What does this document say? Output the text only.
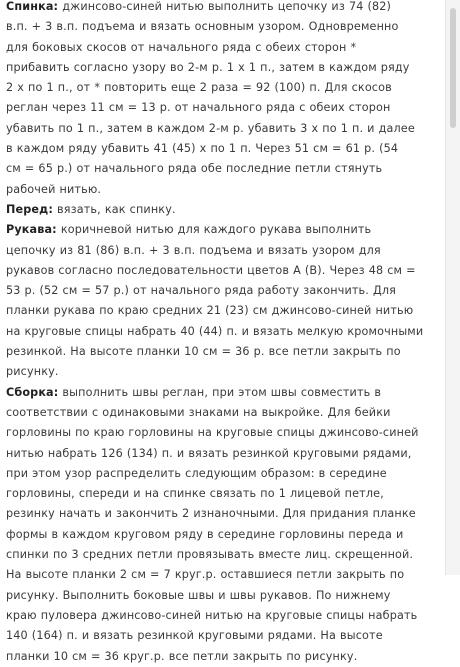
Спинка: джинсово-синей нитью выполнить цепочку из 74 (82)
в.п. + 3 в.п. подъема и вязать основным узором. Одновременно
для боковых скосов от начального ряда с обеих сторон *
прибавить согласно узору во 2-м р. 1 х 1 п., затем в каждом ряду
2 х по 1 п., от * повторить еще 2 раза = 92 (100) п. Для скосов
реглан через 11 см = 13 р. от начального ряда с обеих сторон
убавить по 1 п., затем в каждом 2-м р. убавить 3 х по 1 п. и далее
в каждом ряду убавить 41 (45) х по 1 п. Через 51 см = 61 р. (54
см = 65 р.) от начального ряда обе последние петли стянуть
рабочей нитью.
Перед: вязать, как спинку.
Рукава: коричневой нитью для каждого рукава выполнить
цепочку из 81 (86) в.п. + 3 в.п. подъема и вязать узором для
рукавов согласно последовательности цветов А (В). Через 48 см =
53 р. (52 см = 57 р.) от начального ряда работу закончить. Для
планки рукава по краю средних 21 (23) см джинсово-синей нитью
на круговые спицы набрать 40 (44) п. и вязать мелкую кромочными
резинкой. На высоте планки 10 см = 36 р. все петли закрыть по
рисунку.
Сборка: выполнить швы реглан, при этом швы совместить в
соответствии с одинаковыми знаками на выкройке. Для бейки
горловины по краю горловины на круговые спицы джинсово-синей
нитью набрать 126 (134) п. и вязать резинкой круговыми рядами,
при этом узор распределить следующим образом: в середине
горловины, спереди и на спинке связать по 1 лицевой петле,
резинку начать и закончить 2 изнаночными. Для придания планке
формы в каждом круговом ряду в середине горловины переда и
спинки по 3 средних петли провязывать вместе лиц. скрещенной.
На высоте планки 2 см = 7 круг.р. оставшиеся петли закрыть по
рисунку. Выполнить боковые швы и швы рукавов. По нижнему
краю пуловера джинсово-синей нитью на круговые спицы набрать
140 (164) п. и вязать резинкой круговыми рядами. На высоте
планки 10 см = 36 круг.р. все петли закрыть по рисунку.
